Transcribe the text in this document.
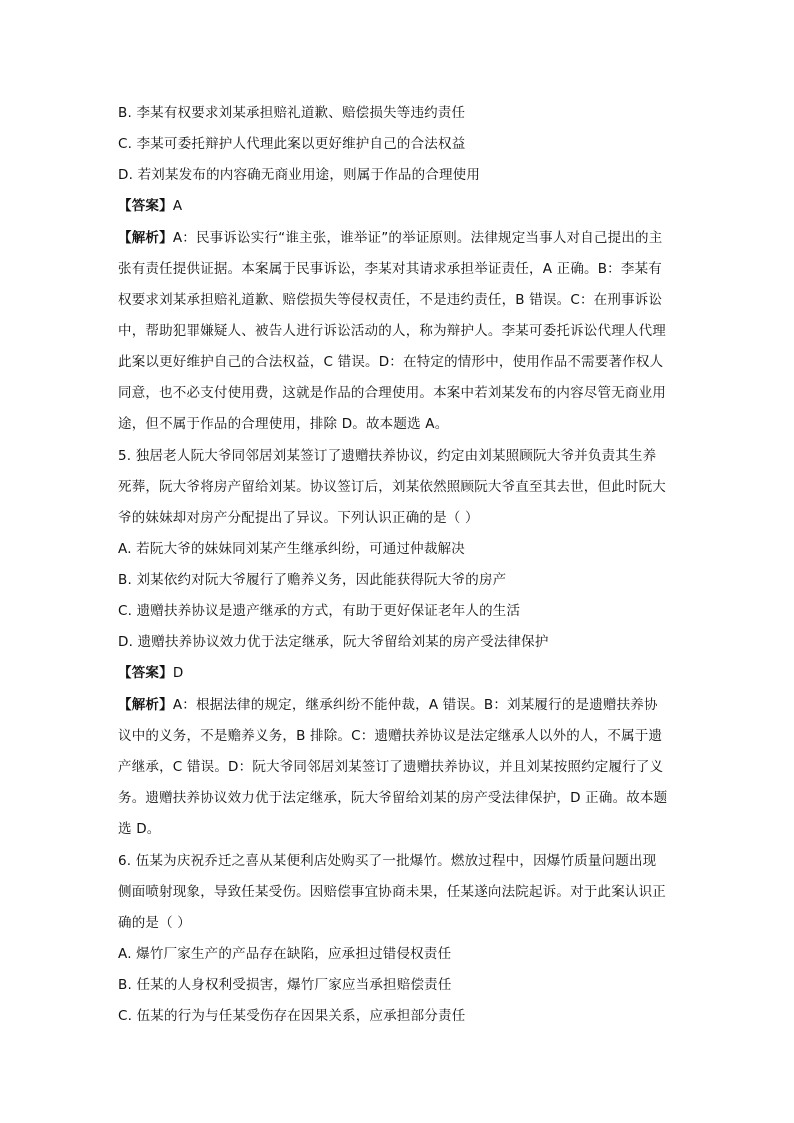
B. 李某有权要求刘某承担赔礼道歉、赔偿损失等违约责任
C. 李某可委托辩护人代理此案以更好维护自己的合法权益
D. 若刘某发布的内容确无商业用途，则属于作品的合理使用
【答案】A
【解析】A：民事诉讼实行“谁主张，谁举证”的举证原则。法律规定当事人对自己提出的主
张有责任提供证据。本案属于民事诉讼，李某对其请求承担举证责任，A 正确。B：李某有
权要求刘某承担赔礼道歉、赔偿损失等侵权责任，不是违约责任，B 错误。C：在刑事诉讼
中，帮助犯罪嫌疑人、被告人进行诉讼活动的人，称为辩护人。李某可委托诉讼代理人代理
此案以更好维护自己的合法权益，C 错误。D：在特定的情形中，使用作品不需要著作权人
同意，也不必支付使用费，这就是作品的合理使用。本案中若刘某发布的内容尽管无商业用
途，但不属于作品的合理使用，排除 D。故本题选 A。
5. 独居老人阮大爷同邻居刘某签订了遗赠扶养协议，约定由刘某照顾阮大爷并负责其生养
死葬，阮大爷将房产留给刘某。协议签订后，刘某依然照顾阮大爷直至其去世，但此时阮大
爷的妹妹却对房产分配提出了异议。下列认识正确的是（ ）
A. 若阮大爷的妹妹同刘某产生继承纠纷，可通过仲裁解决
B. 刘某依约对阮大爷履行了赡养义务，因此能获得阮大爷的房产
C. 遗赠扶养协议是遗产继承的方式，有助于更好保证老年人的生活
D. 遗赠扶养协议效力优于法定继承，阮大爷留给刘某的房产受法律保护
【答案】D
【解析】A：根据法律的规定，继承纠纷不能仲裁，A 错误。B：刘某履行的是遗赠扶养协
议中的义务，不是赡养义务，B 排除。C：遗赠扶养协议是法定继承人以外的人，不属于遗
产继承，C 错误。D：阮大爷同邻居刘某签订了遗赠扶养协议，并且刘某按照约定履行了义
务。遗赠扶养协议效力优于法定继承，阮大爷留给刘某的房产受法律保护，D 正确。故本题
选 D。
6. 伍某为庆祝乔迁之喜从某便利店处购买了一批爆竹。燃放过程中，因爆竹质量问题出现
侧面喷射现象，导致任某受伤。因赔偿事宜协商未果，任某遂向法院起诉。对于此案认识正
确的是（ ）
A. 爆竹厂家生产的产品存在缺陷，应承担过错侵权责任
B. 任某的人身权利受损害，爆竹厂家应当承担赔偿责任
C. 伍某的行为与任某受伤存在因果关系，应承担部分责任
